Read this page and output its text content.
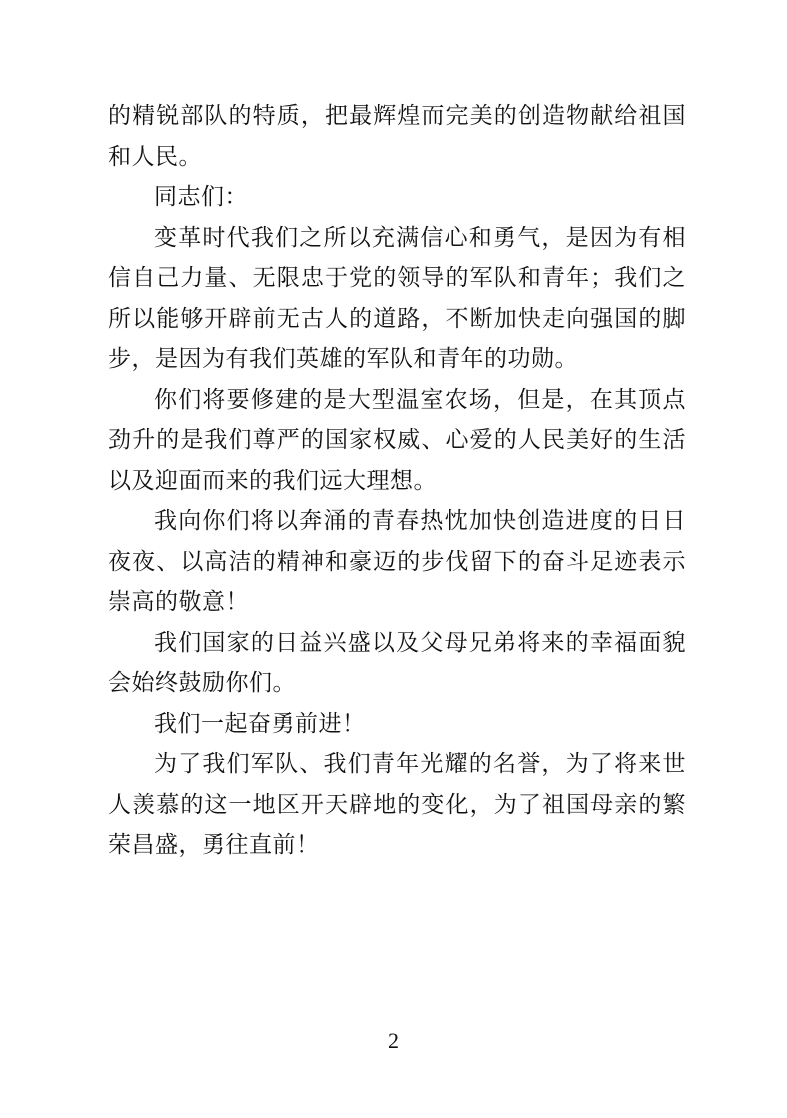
的精锐部队的特质，把最辉煌而完美的创造物献给祖国和人民。

同志们：

变革时代我们之所以充满信心和勇气，是因为有相信自己力量、无限忠于党的领导的军队和青年；我们之所以能够开辟前无古人的道路，不断加快走向强国的脚步，是因为有我们英雄的军队和青年的功勋。

你们将要修建的是大型温室农场，但是，在其顶点劲升的是我们尊严的国家权威、心爱的人民美好的生活以及迎面而来的我们远大理想。

我向你们将以奔涌的青春热忱加快创造进度的日日夜夜、以高洁的精神和豪迈的步伐留下的奋斗足迹表示崇高的敬意！

我们国家的日益兴盛以及父母兄弟将来的幸福面貌会始终鼓励你们。

我们一起奋勇前进！

为了我们军队、我们青年光耀的名誉，为了将来世人羡慕的这一地区开天辟地的变化，为了祖国母亲的繁荣昌盛，勇往直前！

2
